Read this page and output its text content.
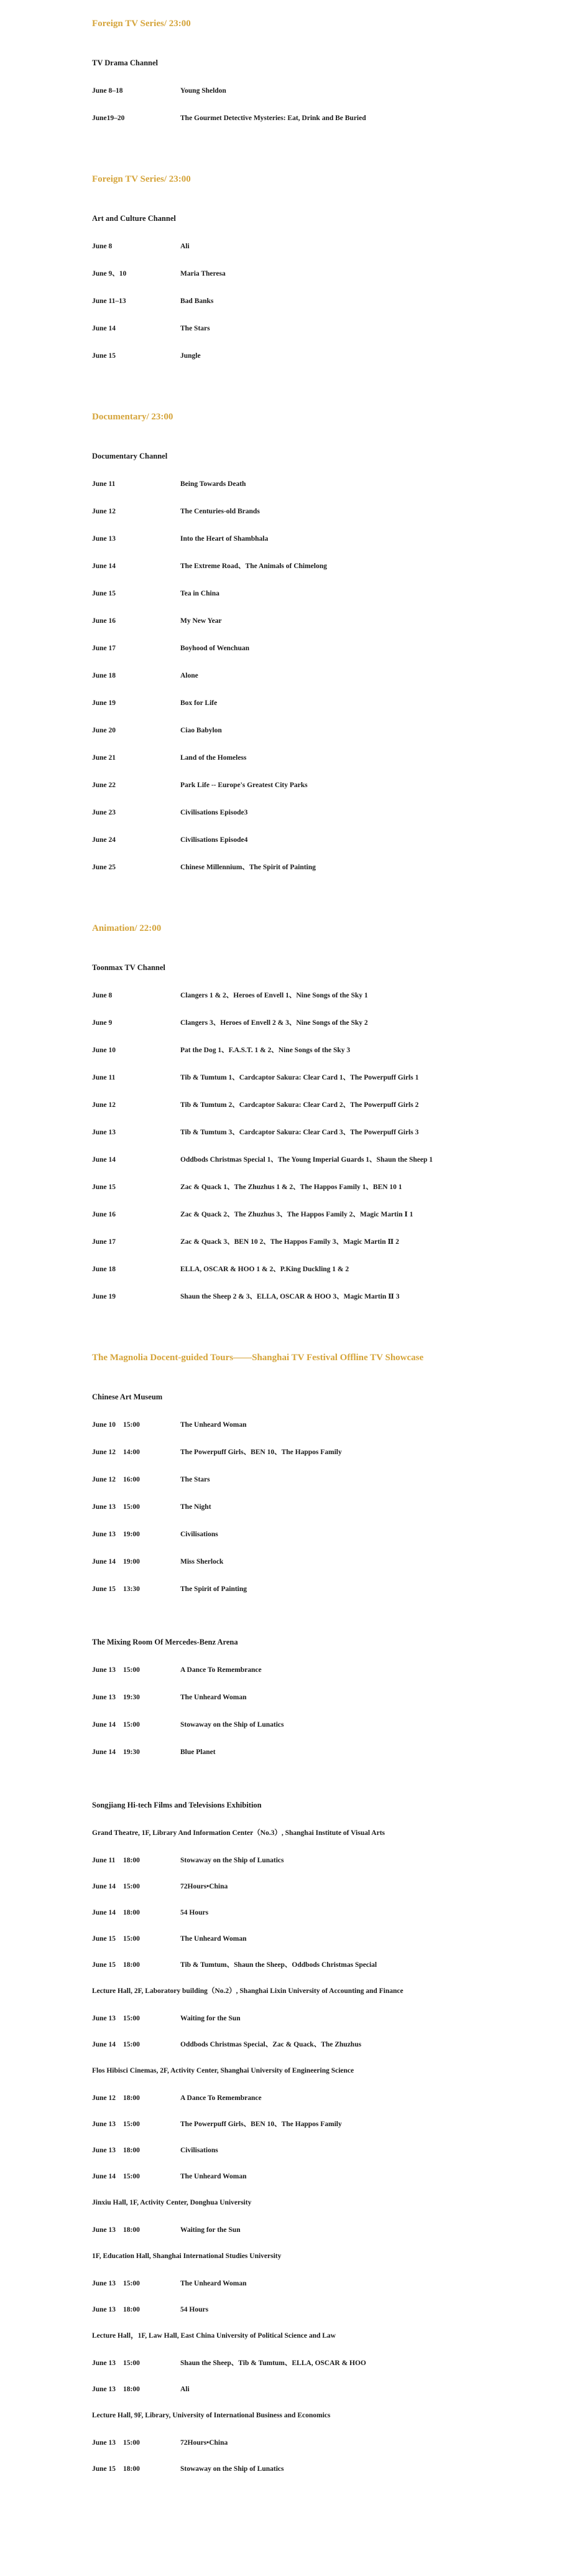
Foreign TV Series/ 23:00
TV Drama Channel
June 8–18	Young Sheldon
June19–20	The Gourmet Detective Mysteries: Eat, Drink and Be Buried
Foreign TV Series/ 23:00
Art and Culture Channel
June 8	Ali
June 9、10	Maria Theresa
June 11–13	Bad Banks
June 14	The Stars
June 15	Jungle
Documentary/ 23:00
Documentary Channel
June 11	Being Towards Death
June 12	The Centuries-old Brands
June 13	Into the Heart of Shambhala
June 14	The Extreme Road、The Animals of Chimelong
June 15	Tea in China
June 16	My New Year
June 17	Boyhood of Wenchuan
June 18	Alone
June 19	Box for Life
June 20	Ciao Babylon
June 21	Land of the Homeless
June 22	Park Life -- Europe's Greatest City Parks
June 23	Civilisations Episode3
June 24	Civilisations Episode4
June 25	Chinese Millennium、The Spirit of Painting
Animation/ 22:00
Toonmax TV Channel
June 8	Clangers 1 & 2、Heroes of Envell 1、Nine Songs of the Sky 1
June 9	Clangers 3、Heroes of Envell 2 & 3、Nine Songs of the Sky 2
June 10	Pat the Dog 1、F.A.S.T. 1 & 2、Nine Songs of the Sky 3
June 11	Tib & Tumtum 1、Cardcaptor Sakura: Clear Card 1、The Powerpuff Girls 1
June 12	Tib & Tumtum 2、Cardcaptor Sakura: Clear Card 2、The Powerpuff Girls 2
June 13	Tib & Tumtum 3、Cardcaptor Sakura: Clear Card 3、The Powerpuff Girls 3
June 14	Oddbods Christmas Special 1、The Young Imperial Guards 1、Shaun the Sheep 1
June 15	Zac & Quack 1、The Zhuzhus 1 & 2、The Happos Family 1、BEN 10 1
June 16	Zac & Quack 2、The Zhuzhus 3、The Happos Family 2、Magic Martin Ⅰ 1
June 17	Zac & Quack 3、BEN 10 2、The Happos Family 3、Magic Martin Ⅱ 2
June 18	ELLA, OSCAR & HOO 1 & 2、P.King Duckling 1 & 2
June 19	Shaun the Sheep 2 & 3、ELLA, OSCAR & HOO 3、Magic Martin Ⅱ 3
The Magnolia Docent-guided Tours——Shanghai TV Festival Offline TV Showcase
Chinese Art Museum
June 10	15:00	The Unheard Woman
June 12	14:00	The Powerpuff Girls、BEN 10、The Happos Family
June 12	16:00	The Stars
June 13	15:00	The Night
June 13	19:00	Civilisations
June 14	19:00	Miss Sherlock
June 15	13:30	The Spirit of Painting
The Mixing Room Of Mercedes-Benz Arena
June 13	15:00	A Dance To Remembrance
June 13	19:30	The Unheard Woman
June 14	15:00	Stowaway on the Ship of Lunatics
June 14	19:30	Blue Planet
Songjiang Hi-tech Films and Televisions Exhibition
Grand Theatre, 1F, Library And Information Center（No.3）, Shanghai Institute of Visual Arts
June 11	18:00	Stowaway on the Ship of Lunatics
June 14	15:00	72Hours•China
June 14	18:00	54 Hours
June 15	15:00	The Unheard Woman
June 15	18:00	Tib & Tumtum、Shaun the Sheep、Oddbods Christmas Special
Lecture Hall, 2F, Laboratory building（No.2）, Shanghai Lixin University of Accounting and Finance
June 13	15:00	Waiting for the Sun
June 14	15:00	Oddbods Christmas Special、Zac & Quack、The Zhuzhus
Flos Hibisci Cinemas, 2F, Activity Center, Shanghai University of Engineering Science
June 12	18:00	A Dance To Remembrance
June 13	15:00	The Powerpuff Girls、BEN 10、The Happos Family
June 13	18:00	Civilisations
June 14	15:00	The Unheard Woman
Jinxiu Hall, 1F, Activity Center, Donghua University
June 13	18:00	Waiting for the Sun
1F, Education Hall, Shanghai International Studies University
June 13	15:00	The Unheard Woman
June 13	18:00	54 Hours
Lecture Hall，1F, Law Hall, East China University of Political Science and Law
June 13	15:00	Shaun the Sheep、Tib & Tumtum、ELLA, OSCAR & HOO
June 13	18:00	Ali
Lecture Hall, 9F, Library, University of International Business and Economics
June 13	15:00	72Hours•China
June 15	18:00	Stowaway on the Ship of Lunatics
